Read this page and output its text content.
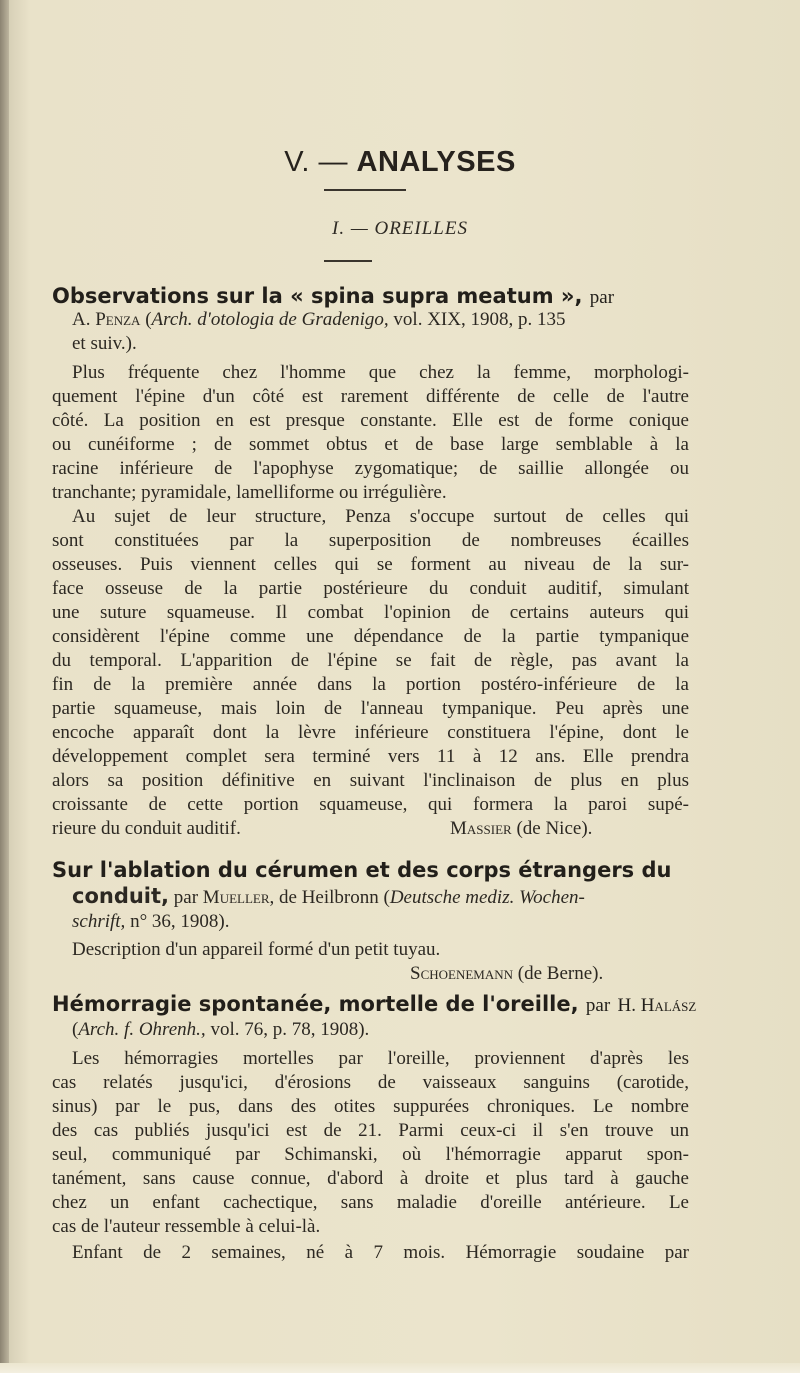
V. — ANALYSES
I. — OREILLES
Observations sur la « spina supra meatum », par
A. Penza (Arch. d'otologia de Gradenigo, vol. XIX, 1908, p. 135
et suiv.).
Plus fréquente chez l'homme que chez la femme, morphologi-
quement l'épine d'un côté est rarement différente de celle de l'autre
côté. La position en est presque constante. Elle est de forme conique
ou cunéiforme ; de sommet obtus et de base large semblable à la
racine inférieure de l'apophyse zygomatique; de saillie allongée ou
tranchante; pyramidale, lamelliforme ou irrégulière.
Au sujet de leur structure, Penza s'occupe surtout de celles qui
sont constituées par la superposition de nombreuses écailles
osseuses. Puis viennent celles qui se forment au niveau de la sur-
face osseuse de la partie postérieure du conduit auditif, simulant
une suture squameuse. Il combat l'opinion de certains auteurs qui
considèrent l'épine comme une dépendance de la partie tympanique
du temporal. L'apparition de l'épine se fait de règle, pas avant la
fin de la première année dans la portion postéro-inférieure de la
partie squameuse, mais loin de l'anneau tympanique. Peu après une
encoche apparaît dont la lèvre inférieure constituera l'épine, dont le
développement complet sera terminé vers 11 à 12 ans. Elle prendra
alors sa position définitive en suivant l'inclinaison de plus en plus
croissante de cette portion squameuse, qui formera la paroi supé-
rieure du conduit auditif.	Massier (de Nice).
Sur l'ablation du cérumen et des corps étrangers du
conduit, par Mueller, de Heilbronn (Deutsche mediz. Wochen-
schrift, n° 36, 1908).
Description d'un appareil formé d'un petit tuyau.
Schoenemann (de Berne).
Hémorragie spontanée, mortelle de l'oreille, par H. Halász
(Arch. f. Ohrenh., vol. 76, p. 78, 1908).
Les hémorragies mortelles par l'oreille, proviennent d'après les
cas relatés jusqu'ici, d'érosions de vaisseaux sanguins (carotide,
sinus) par le pus, dans des otites suppurées chroniques. Le nombre
des cas publiés jusqu'ici est de 21. Parmi ceux-ci il s'en trouve un
seul, communiqué par Schimanski, où l'hémorragie apparut spon-
tanément, sans cause connue, d'abord à droite et plus tard à gauche
chez un enfant cachectique, sans maladie d'oreille antérieure. Le
cas de l'auteur ressemble à celui-là.
Enfant de 2 semaines, né à 7 mois. Hémorragie soudaine par
